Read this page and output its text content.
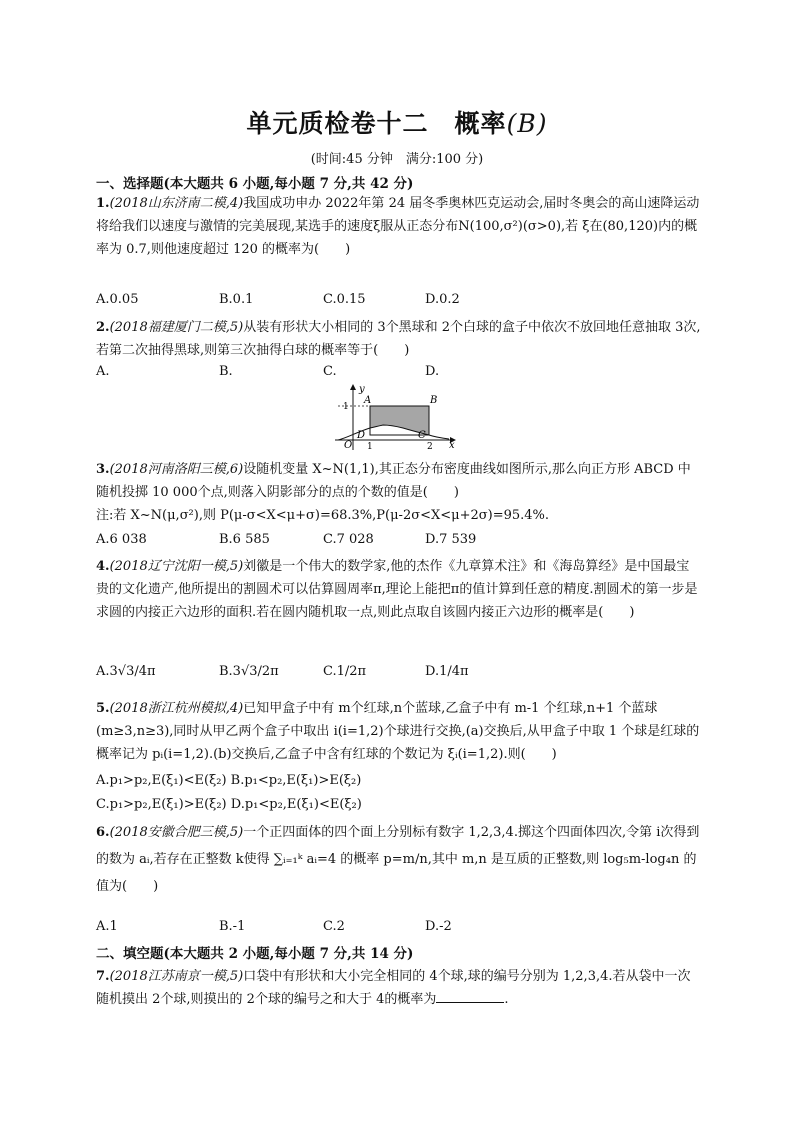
单元质检卷十二　概率(B)
(时间:45 分钟　满分:100 分)
一、选择题(本大题共 6 小题,每小题 7 分,共 42 分)
1.(2018山东济南二模,4)我国成功申办 2022年第 24 届冬季奥林匹克运动会,届时冬奥会的高山速降运动将给我们以速度与激情的完美展现,某选手的速度ξ服从正态分布N(100,σ²)(σ>0),若 ξ在(80,120)内的概率为 0.7,则他速度超过 120 的概率为(　　)
A.0.05	B.0.1	C.0.15	D.0.2
2.(2018福建厦门二模,5)从装有形状大小相同的 3个黑球和 2个白球的盒子中依次不放回地任意抽取 3次,若第二次抽得黑球,则第三次抽得白球的概率等于(　　)
A.	B.	C.	D.
y
x
O
1
1	2
A	B
C
D
3.(2018河南洛阳三模,6)设随机变量 X~N(1,1),其正态分布密度曲线如图所示,那么向正方形 ABCD 中随机投掷 10 000个点,则落入阴影部分的点的个数的值是(　　)
注:若 X~N(μ,σ²),则 P(μ-σ<X<μ+σ)=68.3%,P(μ-2σ<X<μ+2σ)=95.4%.
A.6 038	B.6 585	C.7 028	D.7 539
4.(2018辽宁沈阳一模,5)刘徽是一个伟大的数学家,他的杰作《九章算术注》和《海岛算经》是中国最宝贵的文化遗产,他所提出的割圆术可以估算圆周率π,理论上能把π的值计算到任意的精度.割圆术的第一步是求圆的内接正六边形的面积.若在圆内随机取一点,则此点取自该圆内接正六边形的概率是(　　)
A.3√3/4π	B.3√3/2π	C.1/2π	D.1/4π
5.(2018浙江杭州模拟,4)已知甲盒子中有 m个红球,n个蓝球,乙盒子中有 m-1 个红球,n+1 个蓝球(m≥3,n≥3),同时从甲乙两个盒子中取出 i(i=1,2)个球进行交换,(a)交换后,从甲盒子中取 1 个球是红球的概率记为 pᵢ(i=1,2).(b)交换后,乙盒子中含有红球的个数记为 ξᵢ(i=1,2).则(　　)
A.p₁>p₂,E(ξ₁)<E(ξ₂) B.p₁<p₂,E(ξ₁)>E(ξ₂)
C.p₁>p₂,E(ξ₁)>E(ξ₂) D.p₁<p₂,E(ξ₁)<E(ξ₂)
6.(2018安徽合肥三模,5)一个正四面体的四个面上分别标有数字 1,2,3,4.掷这个四面体四次,令第 i次得到的数为 aᵢ,若存在正整数 k使得 ∑ᵢ₌₁ᵏ aᵢ=4 的概率 p=m/n,其中 m,n 是互质的正整数,则 log₅m-log₄n 的值为(　　)
A.1	B.-1	C.2	D.-2
二、填空题(本大题共 2 小题,每小题 7 分,共 14 分)
7.(2018江苏南京一模,5)口袋中有形状和大小完全相同的 4个球,球的编号分别为 1,2,3,4.若从袋中一次随机摸出 2个球,则摸出的 2个球的编号之和大于 4的概率为	.
